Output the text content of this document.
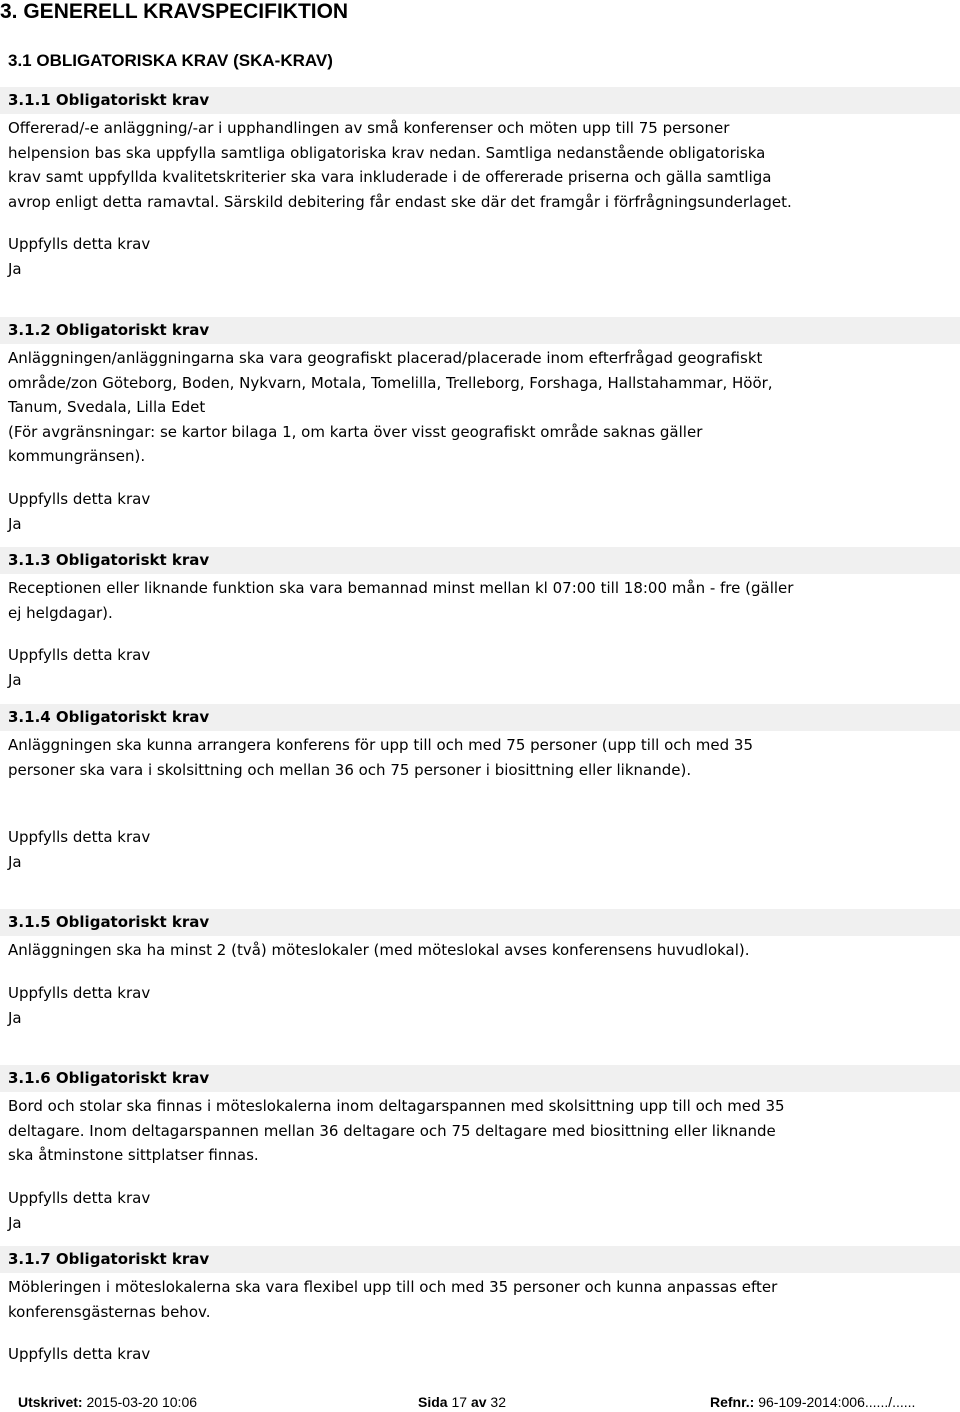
3. GENERELL KRAVSPECIFIKTION
3.1 OBLIGATORISKA KRAV (SKA-KRAV)
3.1.1 Obligatoriskt krav

Offererad/-e anläggning/-ar i upphandlingen av små konferenser och möten upp till 75 personer helpension bas ska uppfylla samtliga obligatoriska krav nedan. Samtliga nedanstående obligatoriska krav samt uppfyllda kvalitetskriterier ska vara inkluderade i de offererade priserna och gälla samtliga avrop enligt detta ramavtal. Särskild debitering får endast ske där det framgår i förfrågningsunderlaget.

Uppfylls detta krav
Ja
3.1.2 Obligatoriskt krav

Anläggningen/anläggningarna ska vara geografiskt placerad/placerade inom efterfrågad geografiskt område/zon Göteborg, Boden, Nykvarn, Motala, Tomelilla, Trelleborg, Forshaga, Hallstahammar, Höör, Tanum, Svedala, Lilla Edet

(För avgränsningar: se kartor bilaga 1, om karta över visst geografiskt område saknas gäller kommungränsen).

Uppfylls detta krav
Ja
3.1.3 Obligatoriskt krav

Receptionen eller liknande funktion ska vara bemannad minst mellan kl 07:00 till 18:00 mån - fre (gäller ej helgdagar).

Uppfylls detta krav
Ja
3.1.4 Obligatoriskt krav

Anläggningen ska kunna arrangera konferens för upp till och med 75 personer (upp till och med 35 personer ska vara i skolsittning och mellan 36 och 75 personer i biosittning eller liknande).

Uppfylls detta krav
Ja
3.1.5 Obligatoriskt krav

Anläggningen ska ha minst 2 (två) möteslokaler (med möteslokal avses konferensens huvudlokal).

Uppfylls detta krav
Ja
3.1.6 Obligatoriskt krav

Bord och stolar ska finnas i möteslokalerna inom deltagarspannen med skolsittning upp till och med 35 deltagare. Inom deltagarspannen mellan 36 deltagare och 75 deltagare med biosittning eller liknande ska åtminstone sittplatser finnas.

Uppfylls detta krav
Ja
3.1.7 Obligatoriskt krav

Möbleringen i möteslokalerna ska vara flexibel upp till och med 35 personer och kunna anpassas efter konferensgästernas behov.

Uppfylls detta krav
Utskrivet: 2015-03-20 10:06	Sida 17 av 32	Refnr.: 96-109-2014:006....../......
